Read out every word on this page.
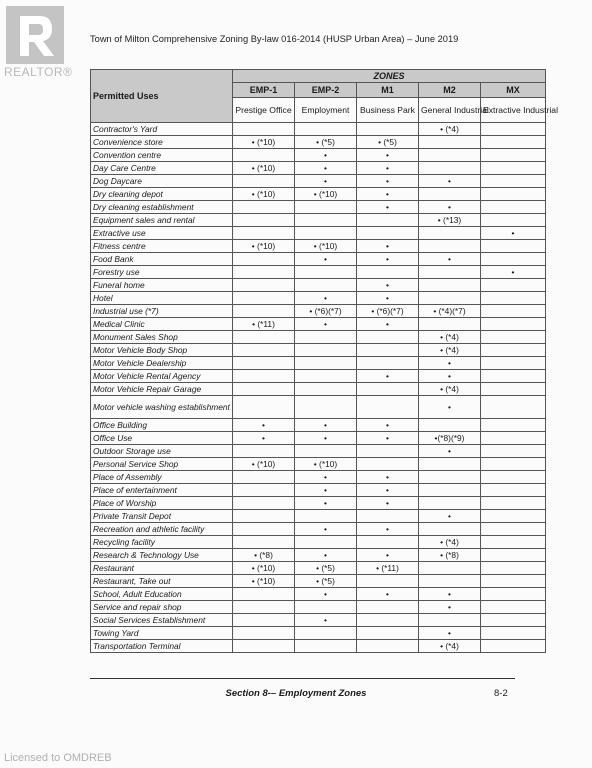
REALTOR®
Town of Milton Comprehensive Zoning By-law 016-2014 (HUSP Urban Area) – June 2019
Permitted Uses	ZONES				
	EMP-1	EMP-2	M1	M2	MX
	Prestige Office	Employment	Business Park	General Industrial	Extractive Industrial
Contractor's Yard				• (*4)	
Convenience store	• (*10)	• (*5)	• (*5)		
Convention centre		•	•		
Day Care Centre	• (*10)	•	•		
Dog Daycare		•	•	•	
Dry cleaning depot	• (*10)	• (*10)	•		
Dry cleaning establishment			•	•	
Equipment sales and rental				• (*13)	
Extractive use					•
Fitness centre	• (*10)	• (*10)	•		
Food Bank		•	•	•	
Forestry use					•
Funeral home			•		
Hotel		•	•		
Industrial use (*7)		• (*6)(*7)	• (*6)(*7)	• (*4)(*7)	
Medical Clinic	• (*11)	•	•		
Monument Sales Shop				• (*4)	
Motor Vehicle Body Shop				• (*4)	
Motor Vehicle Dealership				•	
Motor Vehicle Rental Agency			•	•	
Motor Vehicle Repair Garage				• (*4)	
Motor vehicle washing establishment				•	
Office Building	•	•	•		
Office Use	•	•	•	•(*8)(*9)	
Outdoor Storage use				•	
Personal Service Shop	• (*10)	• (*10)			
Place of Assembly		•	•		
Place of entertainment		•	•		
Place of Worship		•	•		
Private Transit Depot				•	
Recreation and athletic facility		•	•		
Recycling facility				• (*4)	
Research & Technology Use	• (*8)	•	•	• (*8)	
Restaurant	• (*10)	• (*5)	• (*11)		
Restaurant, Take out	• (*10)	• (*5)			
School, Adult Education		•	•	•	
Service and repair shop				•	
Social Services Establishment		•			
Towing Yard				•	
Transportation Terminal				• (*4)	
Section 8-– Employment Zones	8-2
Licensed to OMDREB
